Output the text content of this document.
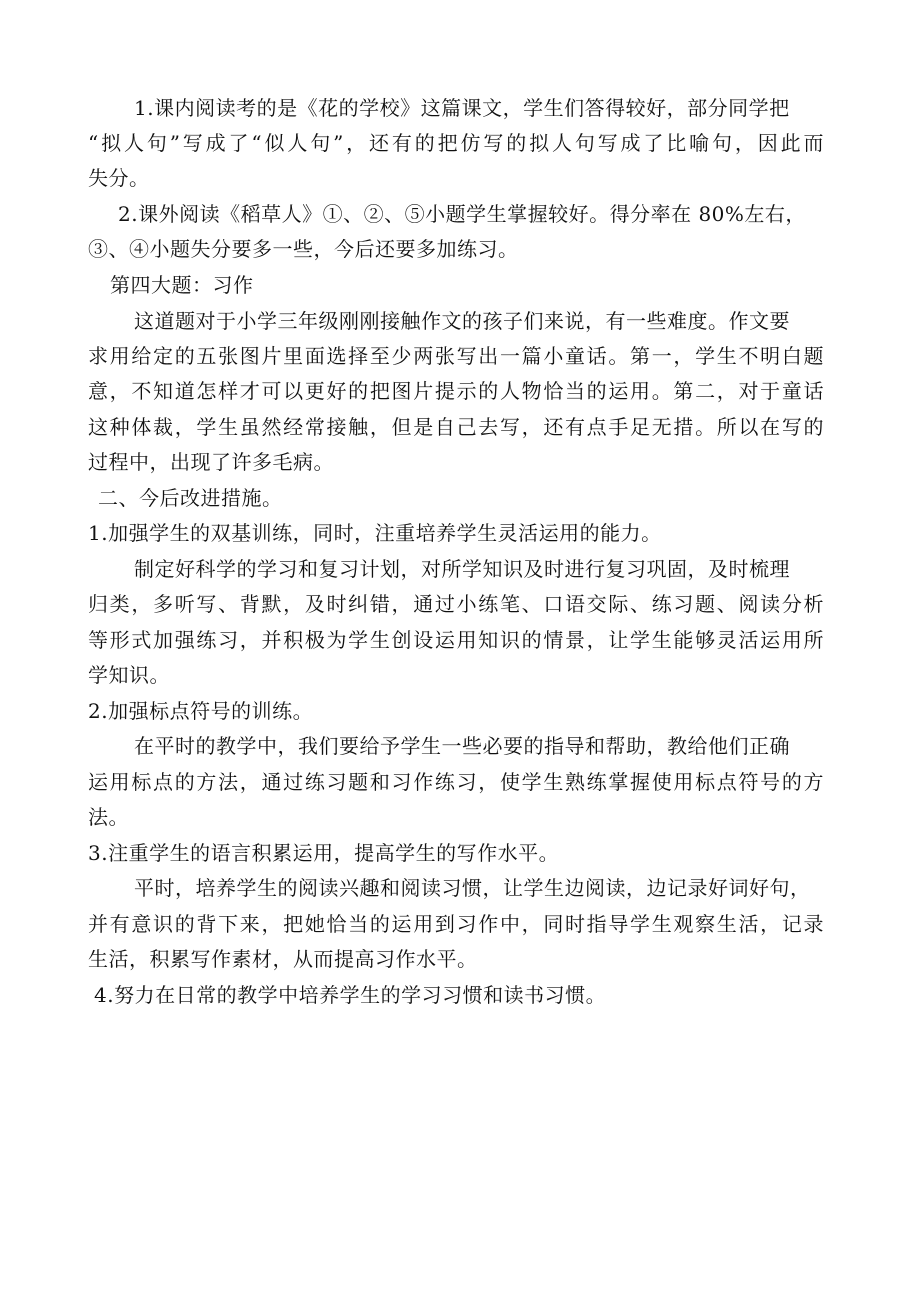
1.课内阅读考的是《花的学校》这篇课文，学生们答得较好，部分同学把
“拟人句”写成了“似人句”，还有的把仿写的拟人句写成了比喻句，因此而
失分。
2.课外阅读《稻草人》①、②、⑤小题学生掌握较好。得分率在 80%左右，
③、④小题失分要多一些，今后还要多加练习。
第四大题：习作
这道题对于小学三年级刚刚接触作文的孩子们来说，有一些难度。作文要
求用给定的五张图片里面选择至少两张写出一篇小童话。第一，学生不明白题
意，不知道怎样才可以更好的把图片提示的人物恰当的运用。第二，对于童话
这种体裁，学生虽然经常接触，但是自己去写，还有点手足无措。所以在写的
过程中，出现了许多毛病。
二、今后改进措施。
1.加强学生的双基训练，同时，注重培养学生灵活运用的能力。
制定好科学的学习和复习计划，对所学知识及时进行复习巩固，及时梳理
归类，多听写、背默，及时纠错，通过小练笔、口语交际、练习题、阅读分析
等形式加强练习，并积极为学生创设运用知识的情景，让学生能够灵活运用所
学知识。
2.加强标点符号的训练。
在平时的教学中，我们要给予学生一些必要的指导和帮助，教给他们正确
运用标点的方法，通过练习题和习作练习，使学生熟练掌握使用标点符号的方
法。
3.注重学生的语言积累运用，提高学生的写作水平。
平时，培养学生的阅读兴趣和阅读习惯，让学生边阅读，边记录好词好句，
并有意识的背下来，把她恰当的运用到习作中，同时指导学生观察生活，记录
生活，积累写作素材，从而提高习作水平。
4.努力在日常的教学中培养学生的学习习惯和读书习惯。
